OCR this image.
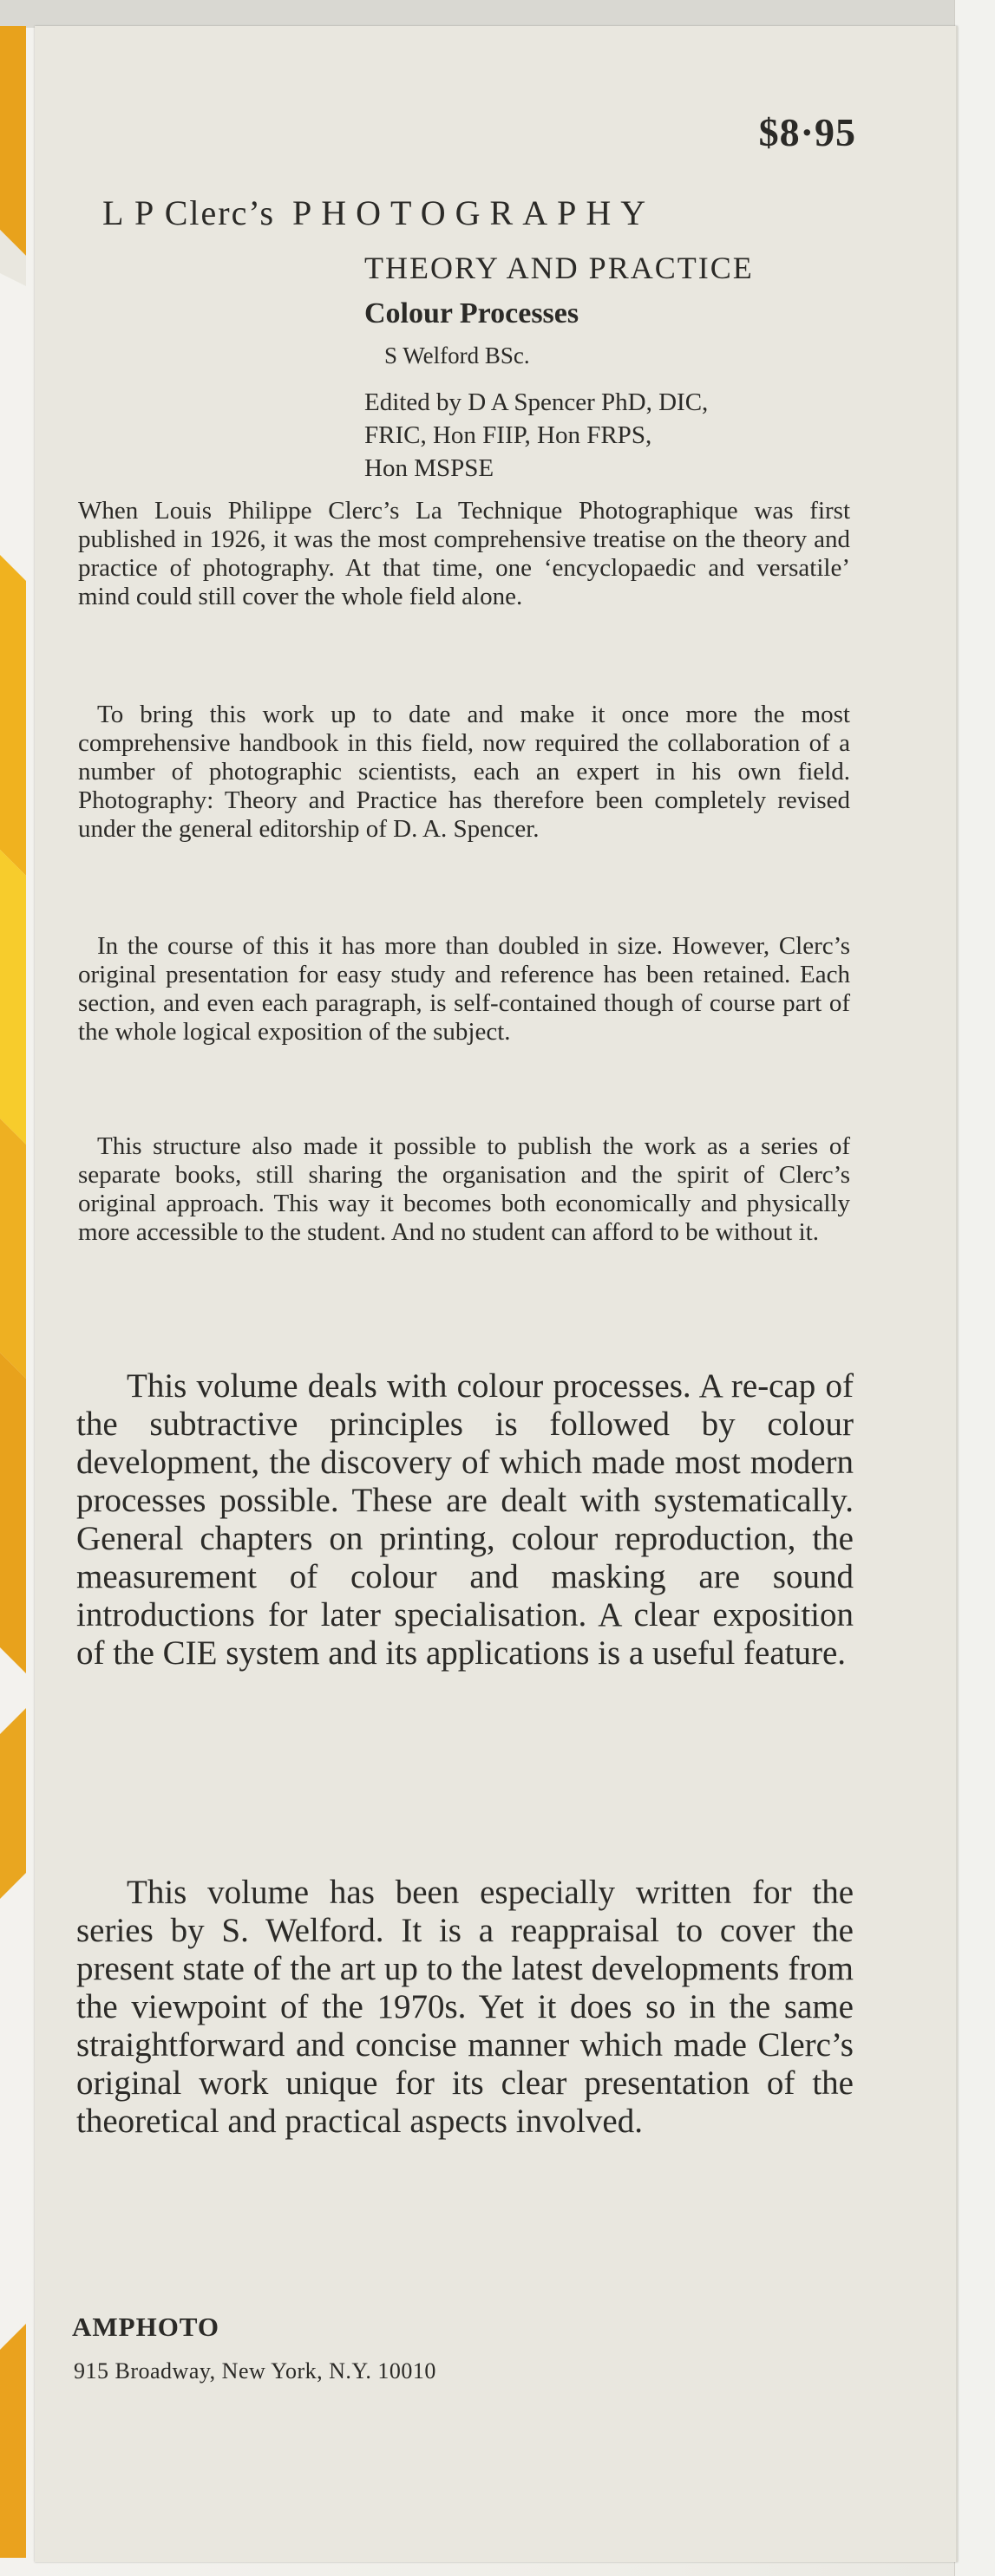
$8·95
L P Clerc’s PHOTOGRAPHY
THEORY AND PRACTICE
Colour Processes
S Welford BSc.
Edited by D A Spencer PhD, DIC,
FRIC, Hon FIIP, Hon FRPS,
Hon MSPSE

When Louis Philippe Clerc’s La Technique Photographique was first published in 1926, it was the most comprehensive treatise on the theory and practice of photography. At that time, one ‘encyclopaedic and versatile’ mind could still cover the whole field alone.

To bring this work up to date and make it once more the most comprehensive handbook in this field, now required the collaboration of a number of photographic scientists, each an expert in his own field. Photography: Theory and Practice has therefore been completely revised under the general editorship of D. A. Spencer.

In the course of this it has more than doubled in size. However, Clerc’s original presentation for easy study and reference has been retained. Each section, and even each paragraph, is self-contained though of course part of the whole logical exposition of the subject.

This structure also made it possible to publish the work as a series of separate books, still sharing the organisation and the spirit of Clerc’s original approach. This way it becomes both economically and physically more accessible to the student. And no student can afford to be without it.

This volume deals with colour processes. A re-cap of the subtractive principles is followed by colour development, the discovery of which made most modern processes possible. These are dealt with systematically. General chapters on printing, colour reproduction, the measurement of colour and masking are sound introductions for later specialisation. A clear exposition of the CIE system and its applications is a useful feature.

This volume has been especially written for the series by S. Welford. It is a reappraisal to cover the present state of the art up to the latest developments from the viewpoint of the 1970s. Yet it does so in the same straightforward and concise manner which made Clerc’s original work unique for its clear presentation of the theoretical and practical aspects involved.

AMPHOTO
915 Broadway, New York, N.Y. 10010
